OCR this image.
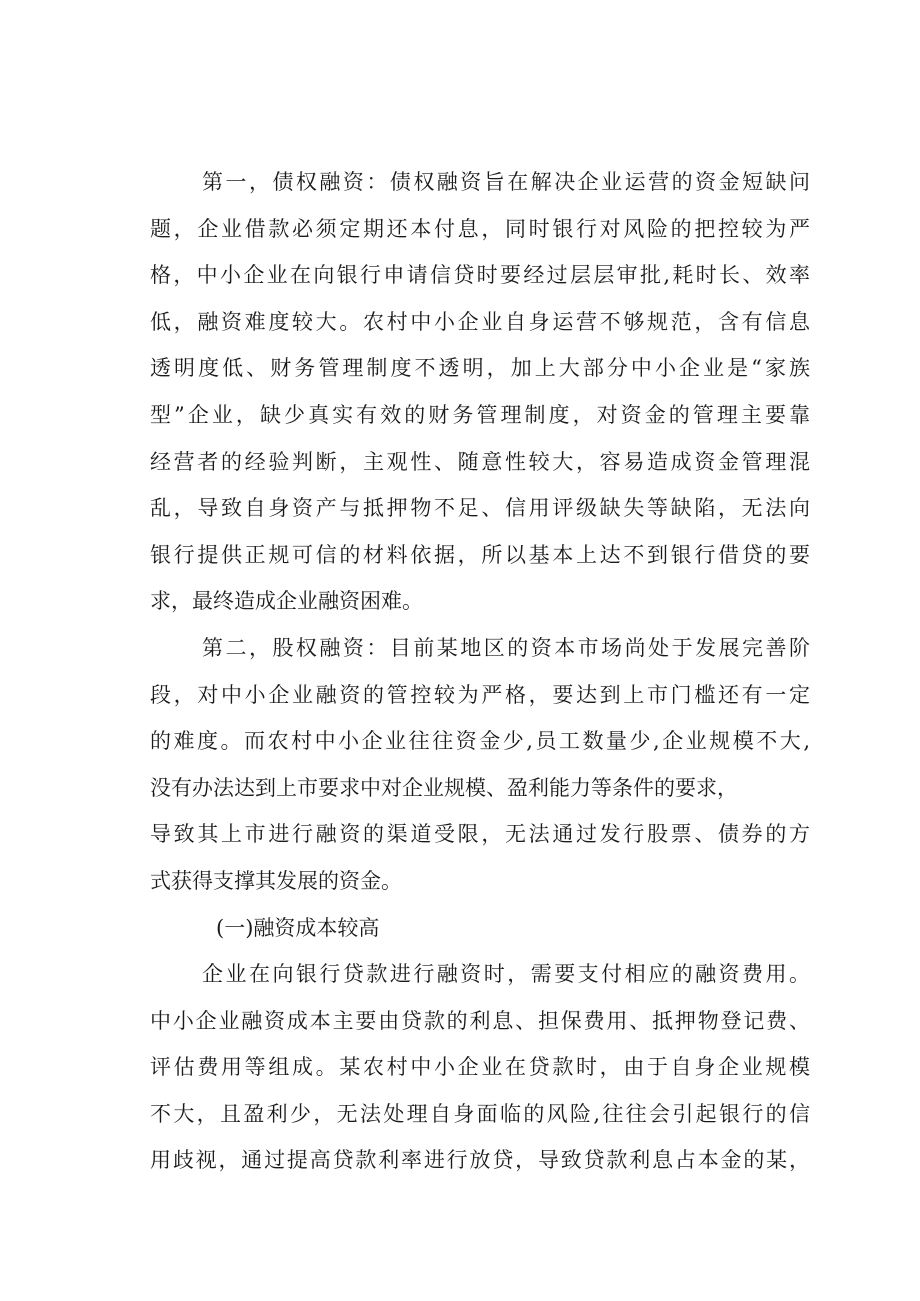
第一，债权融资：债权融资旨在解决企业运营的资金短缺问
题，企业借款必须定期还本付息，同时银行对风险的把控较为严
格，中小企业在向银行申请信贷时要经过层层审批,耗时长、效率
低，融资难度较大。农村中小企业自身运营不够规范，含有信息
透明度低、财务管理制度不透明，加上大部分中小企业是“家族
型”企业，缺少真实有效的财务管理制度，对资金的管理主要靠
经营者的经验判断，主观性、随意性较大，容易造成资金管理混
乱，导致自身资产与抵押物不足、信用评级缺失等缺陷，无法向
银行提供正规可信的材料依据，所以基本上达不到银行借贷的要
求，最终造成企业融资困难。
第二，股权融资：目前某地区的资本市场尚处于发展完善阶
段，对中小企业融资的管控较为严格，要达到上市门槛还有一定
的难度。而农村中小企业往往资金少,员工数量少,企业规模不大,
没有办法达到上市要求中对企业规模、盈利能力等条件的要求，
导致其上市进行融资的渠道受限，无法通过发行股票、债券的方
式获得支撑其发展的资金。
(一)融资成本较高
企业在向银行贷款进行融资时，需要支付相应的融资费用。
中小企业融资成本主要由贷款的利息、担保费用、抵押物登记费、
评估费用等组成。某农村中小企业在贷款时，由于自身企业规模
不大，且盈利少，无法处理自身面临的风险,往往会引起银行的信
用歧视，通过提高贷款利率进行放贷，导致贷款利息占本金的某，
